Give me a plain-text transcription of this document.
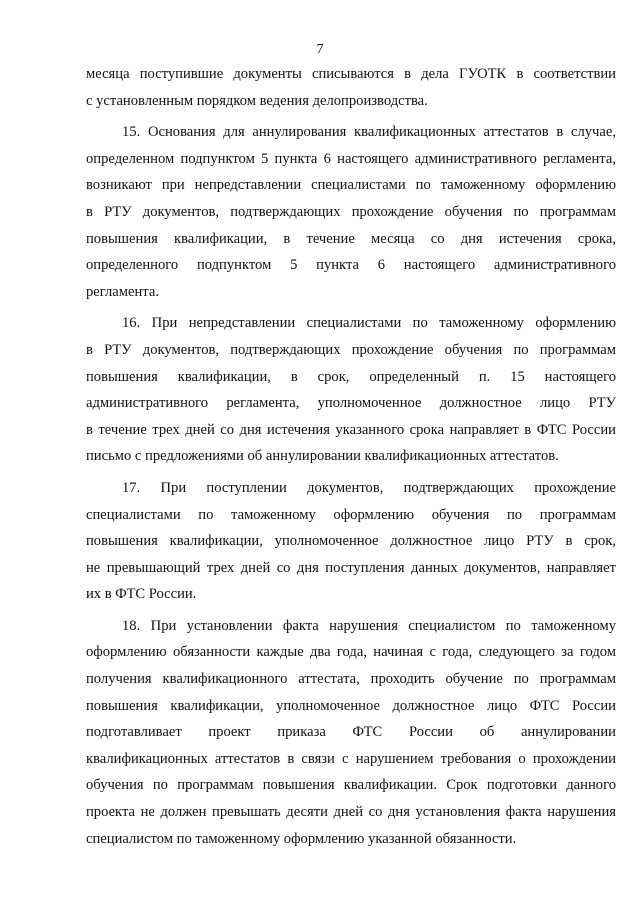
7
месяца поступившие документы списываются в дела ГУОТК в соответствии
с установленным порядком ведения делопроизводства.
15. Основания для аннулирования квалификационных аттестатов в случае,
определенном подпунктом 5 пункта 6 настоящего административного регламента,
возникают при непредставлении специалистами по таможенному оформлению
в РТУ документов, подтверждающих прохождение обучения по программам
повышения квалификации, в течение месяца со дня истечения срока,
определенного подпунктом 5 пункта 6 настоящего административного
регламента.
16. При непредставлении специалистами по таможенному оформлению
в РТУ документов, подтверждающих прохождение обучения по программам
повышения квалификации, в срок, определенный п. 15 настоящего
административного регламента, уполномоченное должностное лицо РТУ
в течение трех дней со дня истечения указанного срока направляет в ФТС России
письмо с предложениями об аннулировании квалификационных аттестатов.
17. При поступлении документов, подтверждающих прохождение
специалистами по таможенному оформлению обучения по программам
повышения квалификации, уполномоченное должностное лицо РТУ в срок,
не превышающий трех дней со дня поступления данных документов, направляет
их в ФТС России.
18. При установлении факта нарушения специалистом по таможенному
оформлению обязанности каждые два года, начиная с года, следующего за годом
получения квалификационного аттестата, проходить обучение по программам
повышения квалификации, уполномоченное должностное лицо ФТС России
подготавливает проект приказа ФТС России об аннулировании
квалификационных аттестатов в связи с нарушением требования о прохождении
обучения по программам повышения квалификации. Срок подготовки данного
проекта не должен превышать десяти дней со дня установления факта нарушения
специалистом по таможенному оформлению указанной обязанности.
